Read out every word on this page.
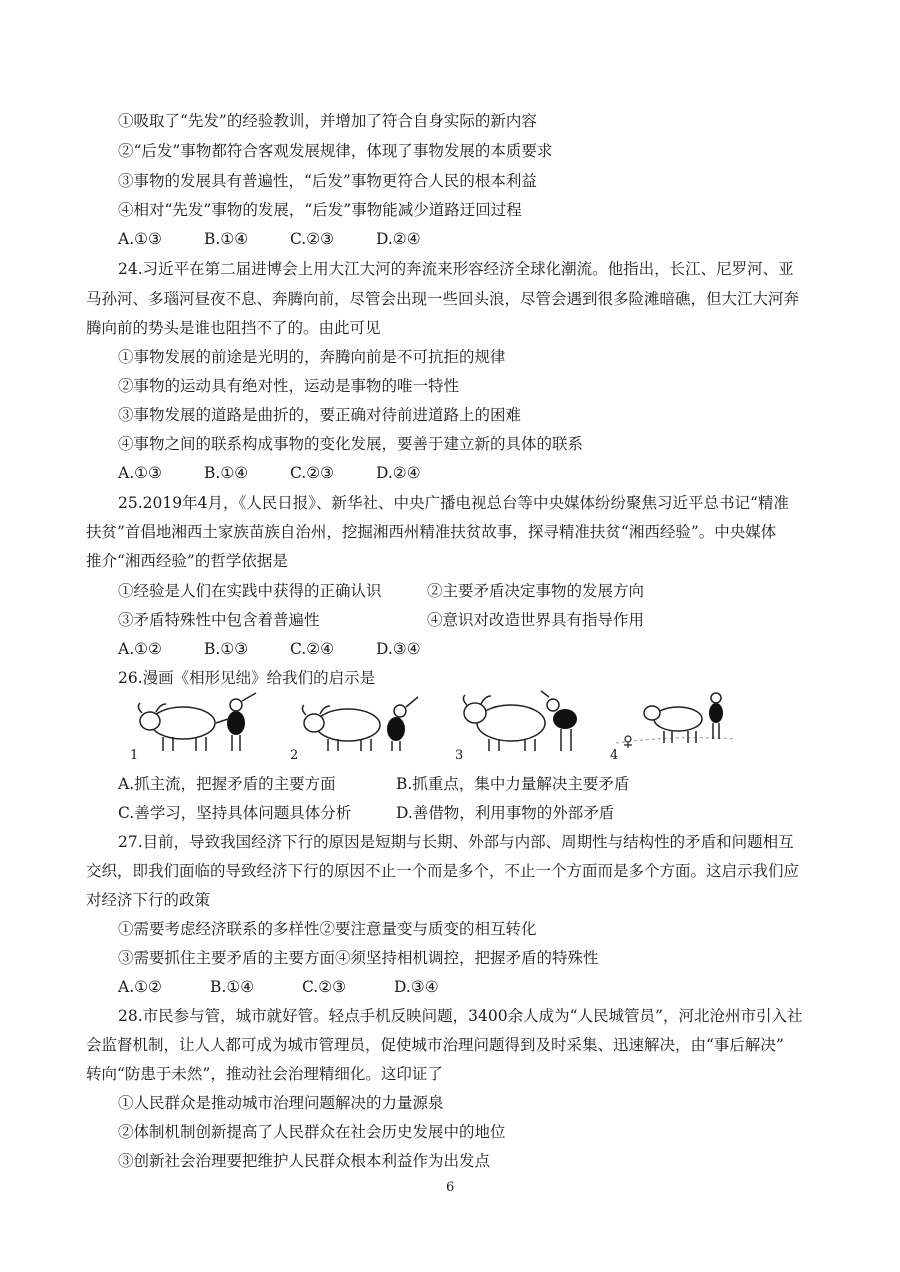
①吸取了“先发”的经验教训，并增加了符合自身实际的新内容
②“后发”事物都符合客观发展规律，体现了事物发展的本质要求
③事物的发展具有普遍性，“后发”事物更符合人民的根本利益
④相对“先发”事物的发展，“后发”事物能减少道路迂回过程
A.①③	B.①④	C.②③	D.②④
24.习近平在第二届进博会上用大江大河的奔流来形容经济全球化潮流。他指出，长江、尼罗河、亚
马孙河、多瑙河昼夜不息、奔腾向前，尽管会出现一些回头浪，尽管会遇到很多险滩暗礁，但大江大河奔
腾向前的势头是谁也阻挡不了的。由此可见
①事物发展的前途是光明的，奔腾向前是不可抗拒的规律
②事物的运动具有绝对性，运动是事物的唯一特性
③事物发展的道路是曲折的，要正确对待前进道路上的困难
④事物之间的联系构成事物的变化发展，要善于建立新的具体的联系
A.①③	B.①④	C.②③	D.②④
25.2019年4月，《人民日报》、新华社、中央广播电视总台等中央媒体纷纷聚焦习近平总书记“精准
扶贫”首倡地湘西土家族苗族自治州，挖掘湘西州精准扶贫故事，探寻精准扶贫“湘西经验”。中央媒体
推介“湘西经验”的哲学依据是
①经验是人们在实践中获得的正确认识	②主要矛盾决定事物的发展方向
③矛盾特殊性中包含着普遍性	④意识对改造世界具有指导作用
A.①②	B.①③	C.②④	D.③④
26.漫画《相形见绌》给我们的启示是
1	2	3	4
A.抓主流，把握矛盾的主要方面	B.抓重点，集中力量解决主要矛盾
C.善学习，坚持具体问题具体分析	D.善借物，利用事物的外部矛盾
27.目前，导致我国经济下行的原因是短期与长期、外部与内部、周期性与结构性的矛盾和问题相互
交织，即我们面临的导致经济下行的原因不止一个而是多个，不止一个方面而是多个方面。这启示我们应
对经济下行的政策
①需要考虑经济联系的多样性②要注意量变与质变的相互转化
③需要抓住主要矛盾的主要方面④须坚持相机调控，把握矛盾的特殊性
A.①②	B.①④	C.②③	D.③④
28.市民参与管，城市就好管。轻点手机反映问题，3400余人成为“人民城管员”，河北沧州市引入社
会监督机制，让人人都可成为城市管理员，促使城市治理问题得到及时采集、迅速解决，由“事后解决”
转向“防患于未然”，推动社会治理精细化。这印证了
①人民群众是推动城市治理问题解决的力量源泉
②体制机制创新提高了人民群众在社会历史发展中的地位
③创新社会治理要把维护人民群众根本利益作为出发点
6
